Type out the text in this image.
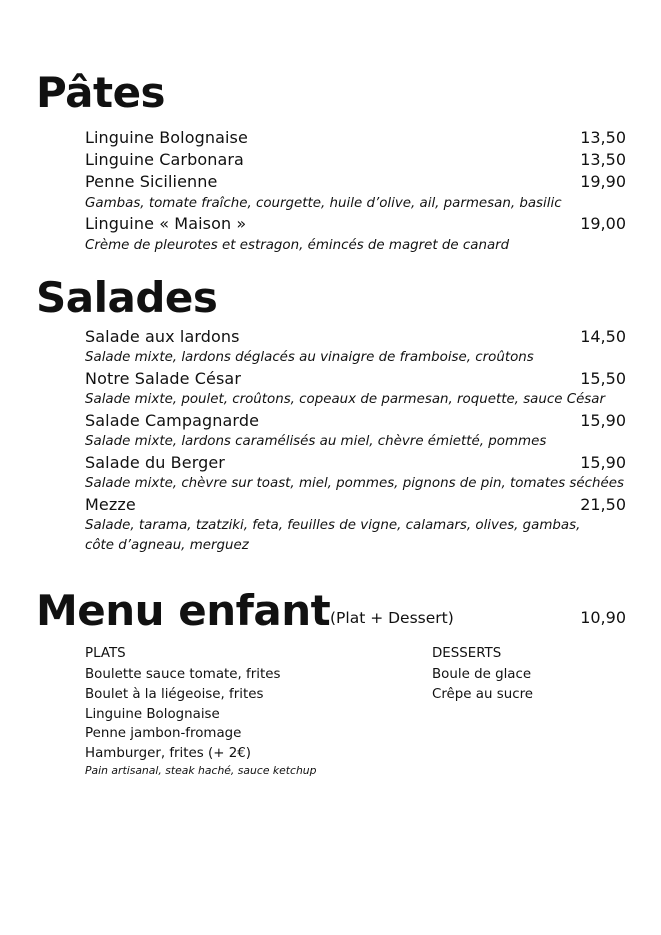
Pâtes
Linguine Bolognaise	13,50
Linguine Carbonara	13,50
Penne Sicilienne	19,90
Gambas, tomate fraîche, courgette, huile d’olive, ail, parmesan, basilic
Linguine « Maison »	19,00
Crème de pleurotes et estragon, émincés de magret de canard
Salades
Salade aux lardons	14,50
Salade mixte, lardons déglacés au vinaigre de framboise, croûtons
Notre Salade César	15,50
Salade mixte, poulet, croûtons, copeaux de parmesan, roquette, sauce César
Salade Campagnarde	15,90
Salade mixte, lardons caramélisés au miel, chèvre émietté, pommes
Salade du Berger	15,90
Salade mixte, chèvre sur toast, miel, pommes, pignons de pin, tomates séchées
Mezze	21,50
Salade, tarama, tzatziki, feta, feuilles de vigne, calamars, olives, gambas, côte d’agneau, merguez
Menu enfant (Plat + Dessert)	10,90
PLATS
Boulette sauce tomate, frites
Boulet à la liégeoise, frites
Linguine Bolognaise
Penne jambon-fromage
Hamburger, frites (+ 2€)
Pain artisanal, steak haché, sauce ketchup
DESSERTS
Boule de glace
Crêpe au sucre
